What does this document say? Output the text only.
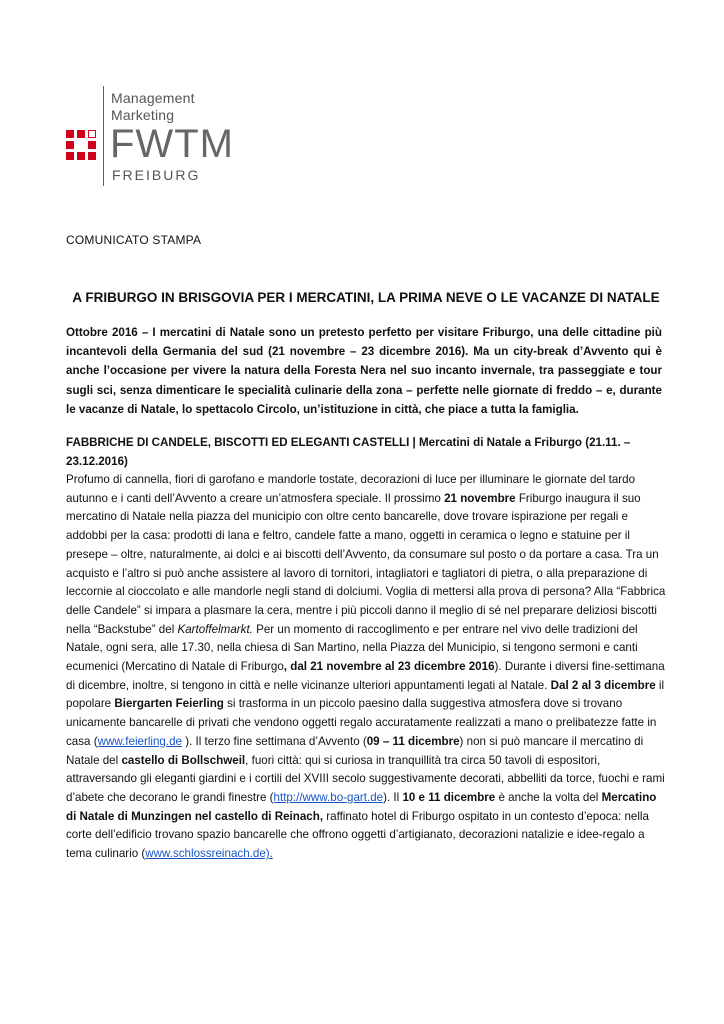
Management
Marketing
FWTM
FREIBURG
COMUNICATO STAMPA
A FRIBURGO IN BRISGOVIA PER I MERCATINI, LA PRIMA NEVE O LE VACANZE DI NATALE
Ottobre 2016 – I mercatini di Natale sono un pretesto perfetto per visitare Friburgo, una delle cittadine più incantevoli della Germania del sud (21 novembre – 23 dicembre 2016). Ma un city-break d’Avvento qui è anche l’occasione per vivere la natura della Foresta Nera nel suo incanto invernale, tra passeggiate e tour sugli sci, senza dimenticare le specialità culinarie della zona – perfette nelle giornate di freddo – e, durante le vacanze di Natale, lo spettacolo Circolo, un’istituzione in città, che piace a tutta la famiglia.
FABBRICHE DI CANDELE, BISCOTTI ED ELEGANTI CASTELLI | Mercatini di Natale a Friburgo (21.11. – 23.12.2016)
Profumo di cannella, fiori di garofano e mandorle tostate, decorazioni di luce per illuminare le giornate del tardo autunno e i canti dell’Avvento a creare un’atmosfera speciale. Il prossimo 21 novembre Friburgo inaugura il suo mercatino di Natale nella piazza del municipio con oltre cento bancarelle, dove trovare ispirazione per regali e addobbi per la casa: prodotti di lana e feltro, candele fatte a mano, oggetti in ceramica o legno e statuine per il presepe – oltre, naturalmente, ai dolci e ai biscotti dell’Avvento, da consumare sul posto o da portare a casa. Tra un acquisto e l’altro si può anche assistere al lavoro di tornitori, intagliatori e tagliatori di pietra, o alla preparazione di leccornie al cioccolato e alle mandorle negli stand di dolciumi. Voglia di mettersi alla prova di persona? Alla “Fabbrica delle Candele” si impara a plasmare la cera, mentre i più piccoli danno il meglio di sé nel preparare deliziosi biscotti nella “Backstube” del Kartoffelmarkt. Per un momento di raccoglimento e per entrare nel vivo delle tradizioni del Natale, ogni sera, alle 17.30, nella chiesa di San Martino, nella Piazza del Municipio, si tengono sermoni e canti ecumenici (Mercatino di Natale di Friburgo, dal 21 novembre al 23 dicembre 2016). Durante i diversi fine-settimana di dicembre, inoltre, si tengono in città e nelle vicinanze ulteriori appuntamenti legati al Natale. Dal 2 al 3 dicembre il popolare Biergarten Feierling si trasforma in un piccolo paesino dalla suggestiva atmosfera dove si trovano unicamente bancarelle di privati che vendono oggetti regalo accuratamente realizzati a mano o prelibatezze fatte in casa (www.feierling.de ). Il terzo fine settimana d’Avvento (09 – 11 dicembre) non si può mancare il mercatino di Natale del castello di Bollschweil, fuori città: qui si curiosa in tranquillità tra circa 50 tavoli di espositori, attraversando gli eleganti giardini e i cortili del XVIII secolo suggestivamente decorati, abbelliti da torce, fuochi e rami d’abete che decorano le grandi finestre (http://www.bo-gart.de). Il 10 e 11 dicembre è anche la volta del Mercatino di Natale di Munzingen nel castello di Reinach, raffinato hotel di Friburgo ospitato in un contesto d’epoca: nella corte dell’edificio trovano spazio bancarelle che offrono oggetti d’artigianato, decorazioni natalizie e idee-regalo a tema culinario (www.schlossreinach.de).
